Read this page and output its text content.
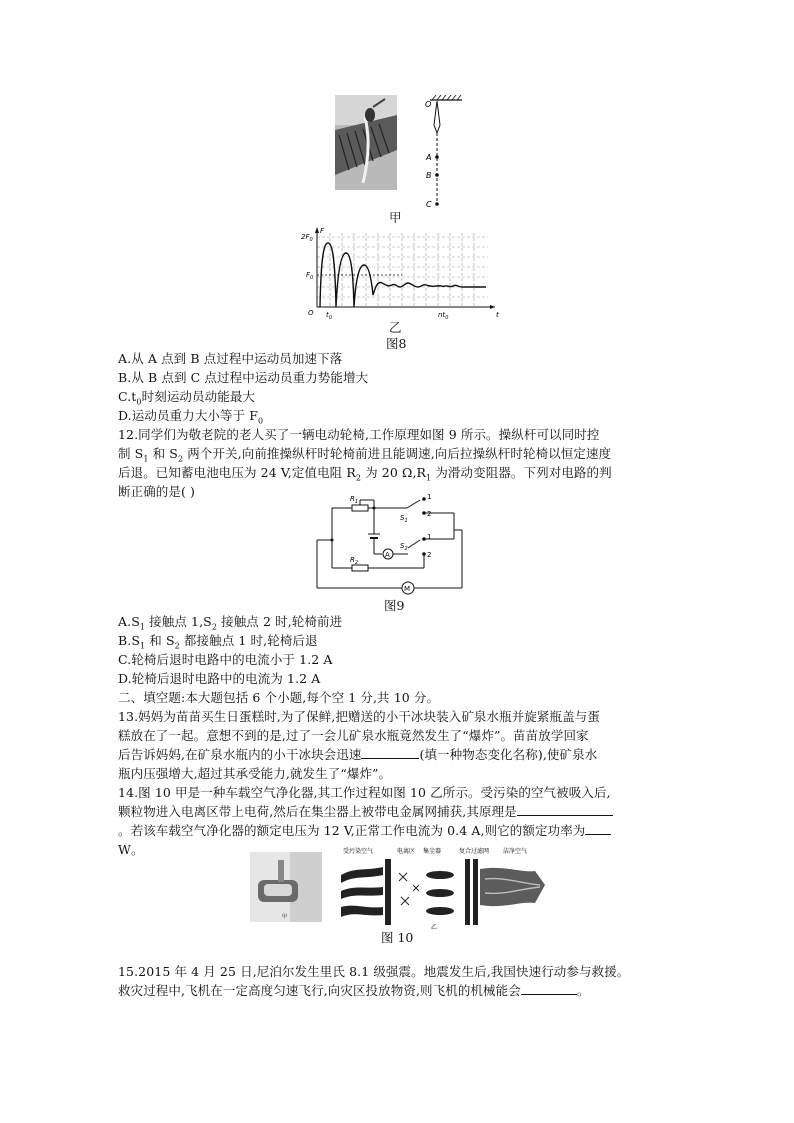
O
A
B
C
甲
F
$2F_0$
$F_0$
O $t_0$	$nt_0$	t
乙
图8
A.从 A 点到 B 点过程中运动员加速下落
B.从 B 点到 C 点过程中运动员重力势能增大
$C.t_0$时刻运动员动能最大
D.运动员重力大小等于 $F_0$
12.同学们为敬老院的老人买了一辆电动轮椅,工作原理如图 9 所示。操纵杆可以同时控
制 $S_1$ 和 $S_2$ 两个开关,向前推操纵杆时轮椅前进且能调速,向后拉操纵杆时轮椅以恒定速度
后退。已知蓄电池电压为 24 V,定值电阻 $R_2$ 为 20 $\Omega,R_1$ 为滑动变阻器。下列对电路的判
断正确的是( )	$R_1$
$R_2$
$S_1$
$S_2$
1
2
1
2
A
M
图9
$A.S_1$ 接触点 $1,S_2$ 接触点 2 时,轮椅前进
$B.S_1$ 和 $S_2$ 都接触点 1 时,轮椅后退
C.轮椅后退时电路中的电流小于 1.2 A
D.轮椅后退时电路中的电流为 1.2 A
二、填空题:本大题包括 6 个小题,每个空 1 分,共 10 分。
13.妈妈为苗苗买生日蛋糕时,为了保鲜,把赠送的小干冰块装入矿泉水瓶并旋紧瓶盖与蛋
糕放在了一起。意想不到的是,过了一会儿矿泉水瓶竟然发生了“爆炸”。苗苗放学回家
后告诉妈妈,在矿泉水瓶内的小干冰块会迅速	(填一种物态变化名称),使矿泉水
瓶内压强增大,超过其承受能力,就发生了“爆炸”。
14.图 10 甲是一种车载空气净化器,其工作过程如图 10 乙所示。受污染的空气被吸入后,
颗粒物进入电离区带上电荷,然后在集尘器上被带电金属网捕获,其原理是
。若该车载空气净化器的额定电压为 12 V,正常工作电流为 0.4 A,则它的额定功率为
W。
甲
受污染空气	电离区 集尘器	复合过滤网 洁净空气
乙
图 10
15.2015 年 4 月 25 日,尼泊尔发生里氏 8.1 级强震。地震发生后,我国快速行动参与救援。
救灾过程中,飞机在一定高度匀速飞行,向灾区投放物资,则飞机的机械能会	。
